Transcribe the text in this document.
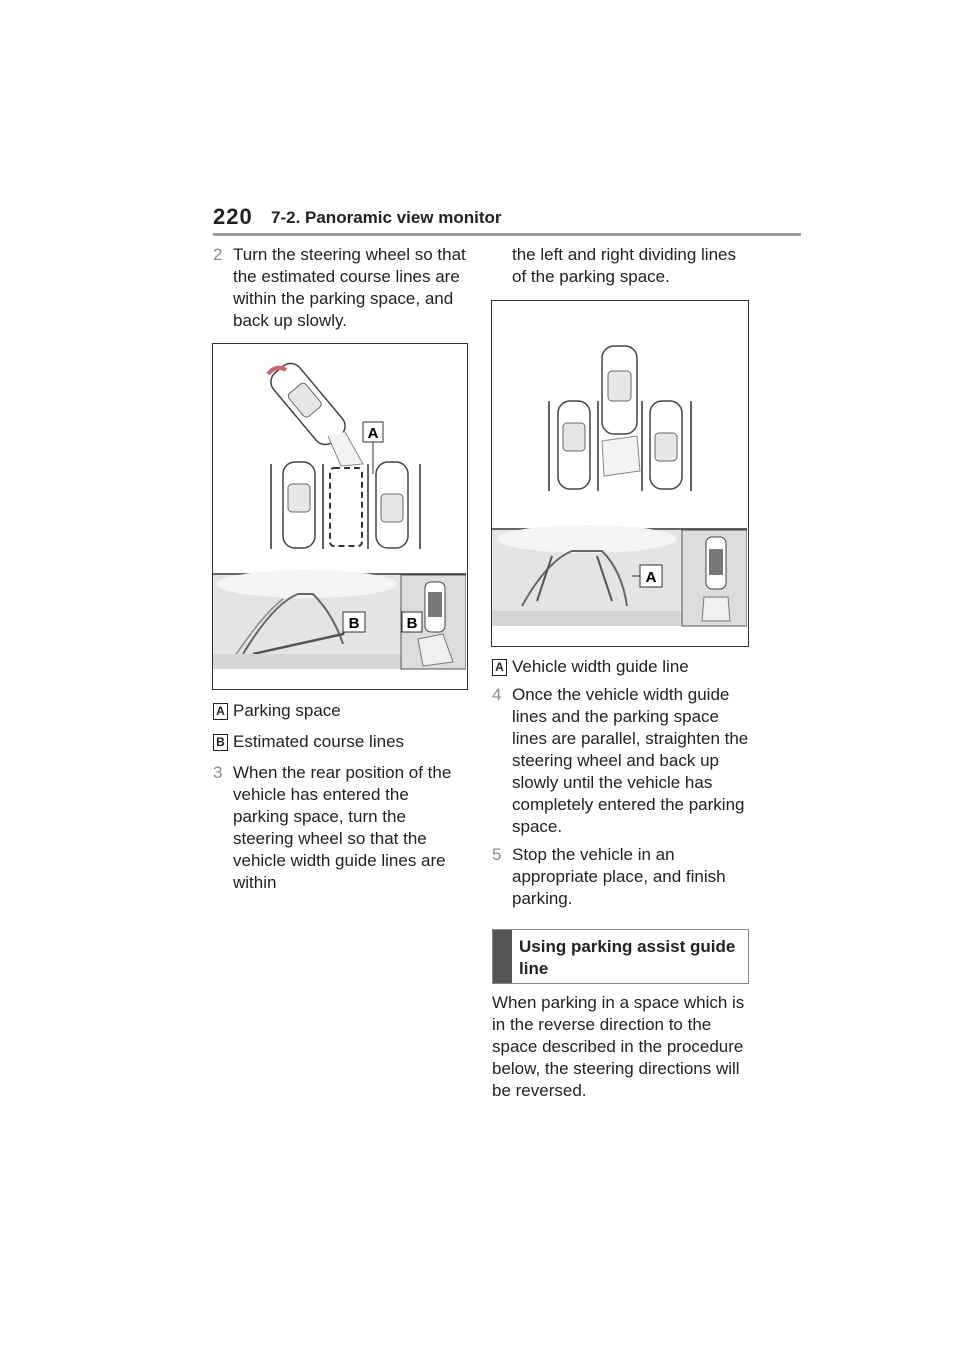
220 7-2. Panoramic view monitor
2 Turn the steering wheel so that the estimated course lines are within the parking space, and back up slowly.
A
B	B
A Parking space
B Estimated course lines
3 When the rear position of the vehicle has entered the parking space, turn the steering wheel so that the vehicle width guide lines are within
the left and right dividing lines of the parking space.
A
A Vehicle width guide line
4 Once the vehicle width guide lines and the parking space lines are parallel, straighten the steering wheel and back up slowly until the vehicle has completely entered the parking space.
5 Stop the vehicle in an appropriate place, and finish parking.
Using parking assist guide line
When parking in a space which is in the reverse direction to the space described in the procedure below, the steering directions will be reversed.
